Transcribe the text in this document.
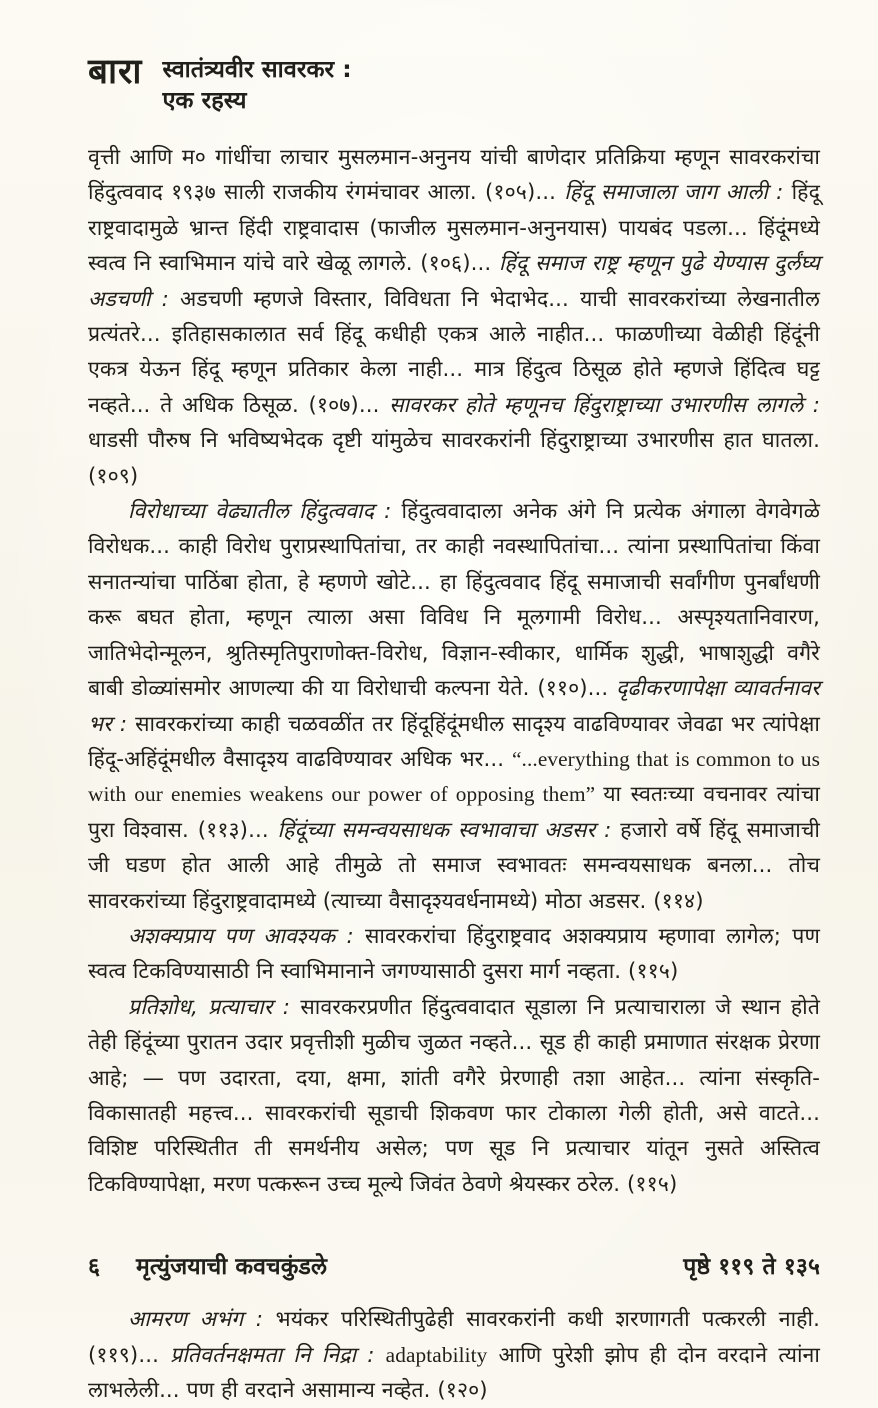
बारा स्वातंत्र्यवीर सावरकर :
एक रहस्य

वृत्ती आणि म० गांधींचा लाचार मुसलमान-अनुनय यांची बाणेदार प्रतिक्रिया म्हणून सावरकरांचा हिंदुत्ववाद १९३७ साली राजकीय रंगमंचावर आला. (१०५)... हिंदू समाजाला जाग आली : हिंदू राष्ट्रवादामुळे भ्रान्त हिंदी राष्ट्रवादास (फाजील मुसलमान-अनुनयास) पायबंद पडला... हिंदूंमध्ये स्वत्व नि स्वाभिमान यांचे वारे खेळू लागले. (१०६)... हिंदू समाज राष्ट्र म्हणून पुढे येण्यास दुर्लंघ्य अडचणी : अडचणी म्हणजे विस्तार, विविधता नि भेदाभेद... याची सावरकरांच्या लेखनातील प्रत्यंतरे... इतिहासकालात सर्व हिंदू कधीही एकत्र आले नाहीत... फाळणीच्या वेळीही हिंदूंनी एकत्र येऊन हिंदू म्हणून प्रतिकार केला नाही... मात्र हिंदुत्व ठिसूळ होते म्हणजे हिंदित्व घट्ट नव्हते... ते अधिक ठिसूळ. (१०७)... सावरकर होते म्हणूनच हिंदुराष्ट्राच्या उभारणीस लागले : धाडसी पौरुष नि भविष्यभेदक दृष्टी यांमुळेच सावरकरांनी हिंदुराष्ट्राच्या उभारणीस हात घातला. (१०९)

विरोधाच्या वेढ्यातील हिंदुत्ववाद : हिंदुत्ववादाला अनेक अंगे नि प्रत्येक अंगाला वेगवेगळे विरोधक... काही विरोध पुराप्रस्थापितांचा, तर काही नवस्थापितांचा... त्यांना प्रस्थापितांचा किंवा सनातन्यांचा पाठिंबा होता, हे म्हणणे खोटे... हा हिंदुत्ववाद हिंदू समाजाची सर्वांगीण पुनर्बांधणी करू बघत होता, म्हणून त्याला असा विविध नि मूलगामी विरोध... अस्पृश्यतानिवारण, जातिभेदोन्मूलन, श्रुतिस्मृतिपुराणोक्त-विरोध, विज्ञान-स्वीकार, धार्मिक शुद्धी, भाषाशुद्धी वगैरे बाबी डोळ्यांसमोर आणल्या की या विरोधाची कल्पना येते. (११०)... दृढीकरणापेक्षा व्यावर्तनावर भर : सावरकरांच्या काही चळवळींत तर हिंदूहिंदूंमधील सादृश्य वाढविण्यावर जेवढा भर त्यांपेक्षा हिंदू-अहिंदूंमधील वैसादृश्य वाढविण्यावर अधिक भर... “...everything that is common to us with our enemies weakens our power of opposing them” या स्वतःच्या वचनावर त्यांचा पुरा विश्वास. (११३)... हिंदूंच्या समन्वयसाधक स्वभावाचा अडसर : हजारो वर्षे हिंदू समाजाची जी घडण होत आली आहे तीमुळे तो समाज स्वभावतः समन्वयसाधक बनला... तोच सावरकरांच्या हिंदुराष्ट्रवादामध्ये (त्याच्या वैसादृश्यवर्धनामध्ये) मोठा अडसर. (११४)

अशक्यप्राय पण आवश्यक : सावरकरांचा हिंदुराष्ट्रवाद अशक्यप्राय म्हणावा लागेल; पण स्वत्व टिकविण्यासाठी नि स्वाभिमानाने जगण्यासाठी दुसरा मार्ग नव्हता. (११५)

प्रतिशोध, प्रत्याचार : सावरकरप्रणीत हिंदुत्ववादात सूडाला नि प्रत्याचाराला जे स्थान होते तेही हिंदूंच्या पुरातन उदार प्रवृत्तीशी मुळीच जुळत नव्हते... सूड ही काही प्रमाणात संरक्षक प्रेरणा आहे; — पण उदारता, दया, क्षमा, शांती वगैरे प्रेरणाही तशा आहेत... त्यांना संस्कृति-विकासातही महत्त्व... सावरकरांची सूडाची शिकवण फार टोकाला गेली होती, असे वाटते... विशिष्ट परिस्थितीत ती समर्थनीय असेल; पण सूड नि प्रत्याचार यांतून नुसते अस्तित्व टिकविण्यापेक्षा, मरण पत्करून उच्च मूल्ये जिवंत ठेवणे श्रेयस्कर ठरेल. (११५)

६	मृत्युंजयाची कवचकुंडले	पृष्ठे ११९ ते १३५

आमरण अभंग : भयंकर परिस्थितीपुढेही सावरकरांनी कधी शरणागती पत्करली नाही. (११९)... प्रतिवर्तनक्षमता नि निद्रा : adaptability आणि पुरेशी झोप ही दोन वरदाने त्यांना लाभलेली... पण ही वरदाने असामान्य नव्हेत. (१२०)
